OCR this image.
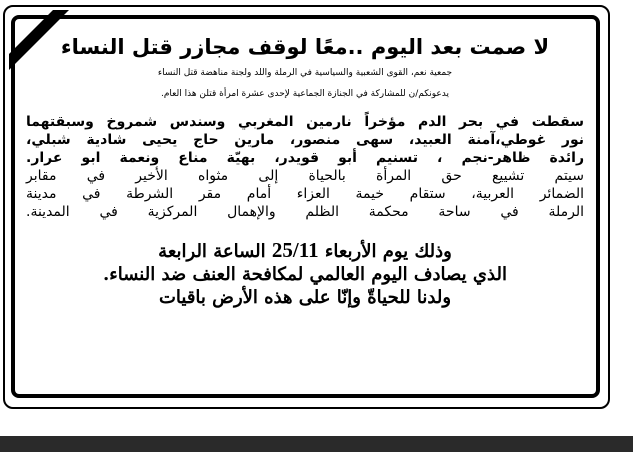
لا صمت بعد اليوم ..معًا لوقف مجازر قتل النساء

جمعية نعم، القوى الشعبية والسياسية في الرملة واللد ولجنة مناهضة قتل النساء

يدعونكم/ن للمشاركة في الجنازة الجماعية لإحدى عشرة امرأة قتلن هذا العام.

سقطت في بحر الدم مؤخراً نارمين المغربي وسندس شمروخ وسبقتهما

نور غوطي،آمنة العبيد، سهى منصور، مارين حاج يحيى شادية شبلي،

رائدة ظاهر-نجم ، تسنيم أبو قويدر، بهيّة مناع ونعمة ابو عرار.

سيتم تشييع حق المرأة بالحياة إلى مثواه الأخير في مقابر

الضمائر العربية، ستقام خيمة العزاء أمام مقر الشرطة في مدينة

الرملة في ساحة محكمة الظلم والإهمال المركزية في المدينة.

وذلك يوم الأربعاء 25/11 الساعة الرابعة

الذي يصادف اليوم العالمي لمكافحة العنف ضد النساء.

ولدنا للحياةّ وإنّا على هذه الأرض باقيات
